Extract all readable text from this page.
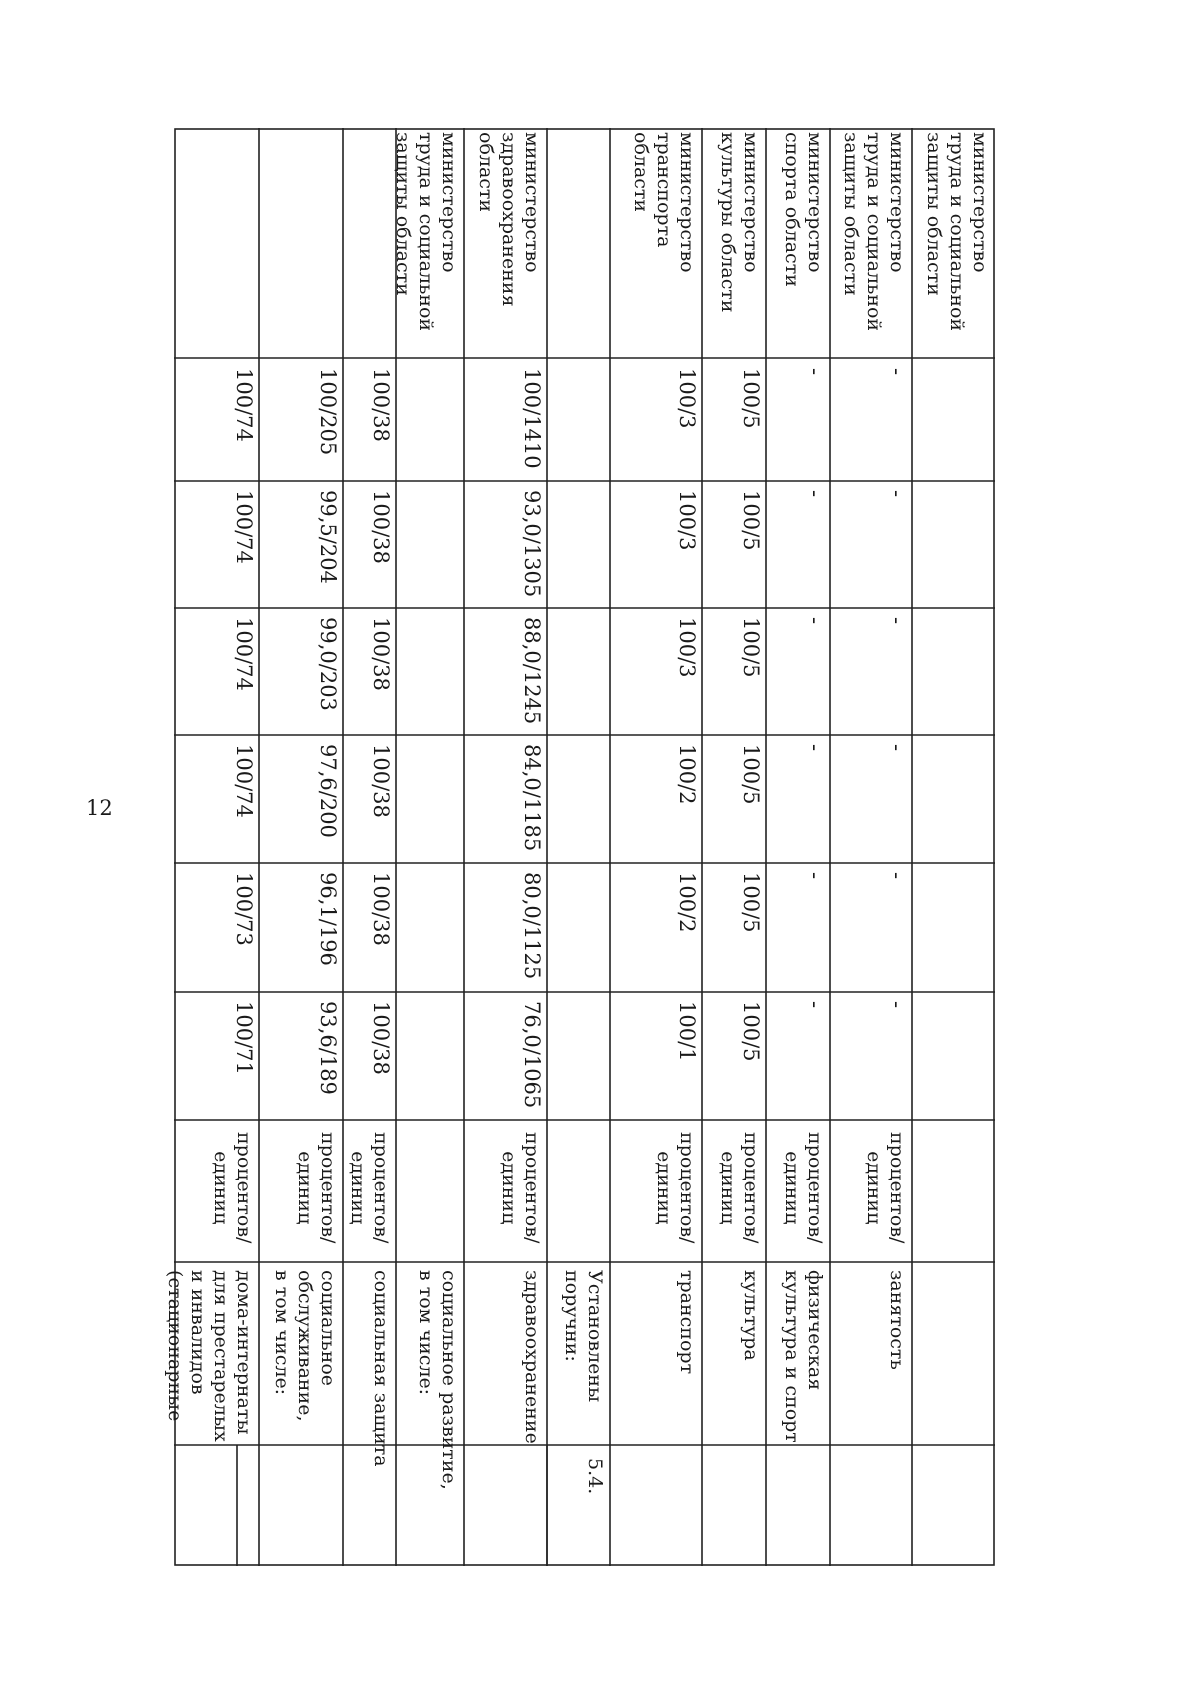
12
министерство
труда и социальной
защиты области
министерство
труда и социальной
защиты области
-
-
-
-
-
-
процентов/
единиц
занятость
министерство
спорта области
-
-
-
-
-
-
процентов/
единиц
физическая
культура и спорт
министерство
культуры области
100/5
100/5
100/5
100/5
100/5
100/5
процентов/
единиц
культура
министерство
транспорта
области
100/3
100/3
100/3
100/2
100/2
100/1
процентов/
единиц
транспорт
Установлены
поручни:
5.4.
министерство
здравоохранения
области
100/1410
93,0/1305
88,0/1245
84,0/1185
80,0/1125
76,0/1065
процентов/
единиц
здравоохранение
министерство
труда и социальной
защиты области
социальное развитие,
в том числе:
100/38
100/38
100/38
100/38
100/38
100/38
процентов/
единиц
социальная защита
100/205
99,5/204
99,0/203
97,6/200
96,1/196
93,6/189
процентов/
единиц
социальное
обслуживание,
в том числе:
100/74
100/74
100/74
100/74
100/73
100/71
процентов/
единиц
дома-интернаты
для престарелых
и инвалидов
(стационарные
